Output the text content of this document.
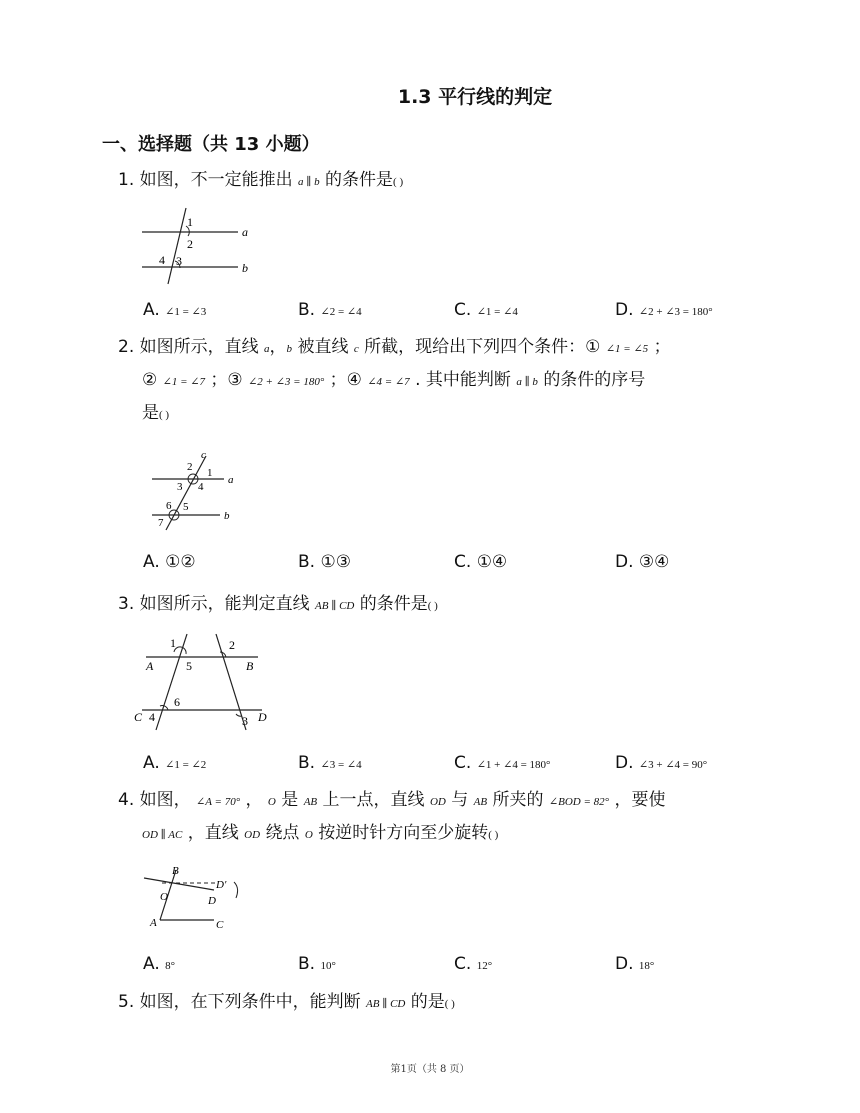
1.3 平行线的判定
一、选择题（共 13 小题）
1. 如图，不一定能推出 a ∥ b 的条件是( )
1
2
3
4
a
b
A. ∠1 = ∠3	B. ∠2 = ∠4	C. ∠1 = ∠4	D. ∠2 + ∠3 = 180°
2. 如图所示，直线 a，b 被直线 c 所截，现给出下列四个条件：① ∠1 = ∠5 ；
② ∠1 = ∠7 ；③ ∠2 + ∠3 = 180° ；④ ∠4 = ∠7 . 其中能判断 a ∥ b 的条件的序号
是( )
c
2 1
3 4
6 5
7
a
b
A. ①②	B. ①③	C. ①④	D. ③④
3. 如图所示，能判定直线 AB ∥ CD 的条件是( )
1	2
5
6
4	3
A	B
C	D
A. ∠1 = ∠2	B. ∠3 = ∠4	C. ∠1 + ∠4 = 180°	D. ∠3 + ∠4 = 90°
4. 如图， ∠A = 70° ， O 是 AB 上一点，直线 OD 与 AB 所夹的 ∠BOD = 82° ，要使
OD ∥ AC ，直线 OD 绕点 O 按逆时针方向至少旋转( )
B
O
D′
D
A	C
A. 8°	B. 10°	C. 12°	D. 18°
5. 如图，在下列条件中，能判断 AB ∥ CD 的是( )
第1页（共 8 页）
